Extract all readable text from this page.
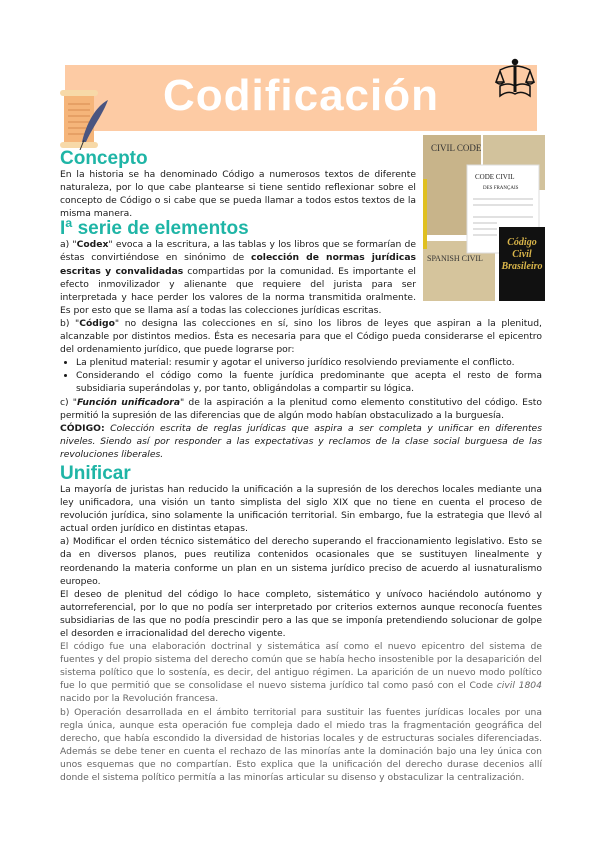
Codificación
CIVIL CODE
CODE CIVIL
DES FRANÇAIS
SPANISH CIVIL
Código Civil Brasileiro
Concepto

En la historia se ha denominado Código a numerosos textos de diferente naturaleza, por lo que cabe plantearse si tiene sentido reflexionar sobre el concepto de Código o si cabe que se pueda llamar a todos estos textos de la misma manera.

Iª serie de elementos

a) "Codex" evoca a la escritura, a las tablas y los libros que se formarían de éstas convirtiéndose en sinónimo de colección de normas jurídicas escritas y convalidadas compartidas por la comunidad. Es importante el efecto inmovilizador y alienante que requiere del jurista para ser interpretada y hace perder los valores de la norma transmitida oralmente. Es por esto que se llama así a todas las colecciones jurídicas escritas.

b) "Código" no designa las colecciones en sí, sino los libros de leyes que aspiran a la plenitud, alcanzable por distintos medios. Ésta es necesaria para que el Código pueda considerarse el epicentro del ordenamiento jurídico, que puede lograrse por:

• La plenitud material: resumir y agotar el universo jurídico resolviendo previamente el conflicto.
• Considerando el código como la fuente jurídica predominante que acepta el resto de forma subsidiaria superándolas y, por tanto, obligándolas a compartir su lógica.

c) "Función unificadora" de la aspiración a la plenitud como elemento constitutivo del código. Esto permitió la supresión de las diferencias que de algún modo habían obstaculizado a la burguesía.

CÓDIGO: Colección escrita de reglas jurídicas que aspira a ser completa y unificar en diferentes niveles. Siendo así por responder a las expectativas y reclamos de la clase social burguesa de las revoluciones liberales.

Unificar

La mayoría de juristas han reducido la unificación a la supresión de los derechos locales mediante una ley unificadora, una visión un tanto simplista del siglo XIX que no tiene en cuenta el proceso de revolución jurídica, sino solamente la unificación territorial. Sin embargo, fue la estrategia que llevó al actual orden jurídico en distintas etapas.

a) Modificar el orden técnico sistemático del derecho superando el fraccionamiento legislativo. Esto se da en diversos planos, pues reutiliza contenidos ocasionales que se sustituyen linealmente y reordenando la materia conforme un plan en un sistema jurídico preciso de acuerdo al iusnaturalismo europeo.

El deseo de plenitud del código lo hace completo, sistemático y unívoco haciéndolo autónomo y autorreferencial, por lo que no podía ser interpretado por criterios externos aunque reconocía fuentes subsidiarias de las que no podía prescindir pero a las que se imponía pretendiendo solucionar de golpe el desorden e irracionalidad del derecho vigente.

El código fue una elaboración doctrinal y sistemática así como el nuevo epicentro del sistema de fuentes y del propio sistema del derecho común que se había hecho insostenible por la desaparición del sistema político que lo sostenía, es decir, del antiguo régimen. La aparición de un nuevo modo político fue lo que permitió que se consolidase el nuevo sistema jurídico tal como pasó con el Code civil 1804 nacido por la Revolución francesa.

b) Operación desarrollada en el ámbito territorial para sustituir las fuentes jurídicas locales por una regla única, aunque esta operación fue compleja dado el miedo tras la fragmentación geográfica del derecho, que había escondido la diversidad de historias locales y de estructuras sociales diferenciadas. Además se debe tener en cuenta el rechazo de las minorías ante la dominación bajo una ley única con unos esquemas que no compartían. Esto explica que la unificación del derecho durase decenios allí donde el sistema político permitía a las minorías articular su disenso y obstaculizar la centralización.
